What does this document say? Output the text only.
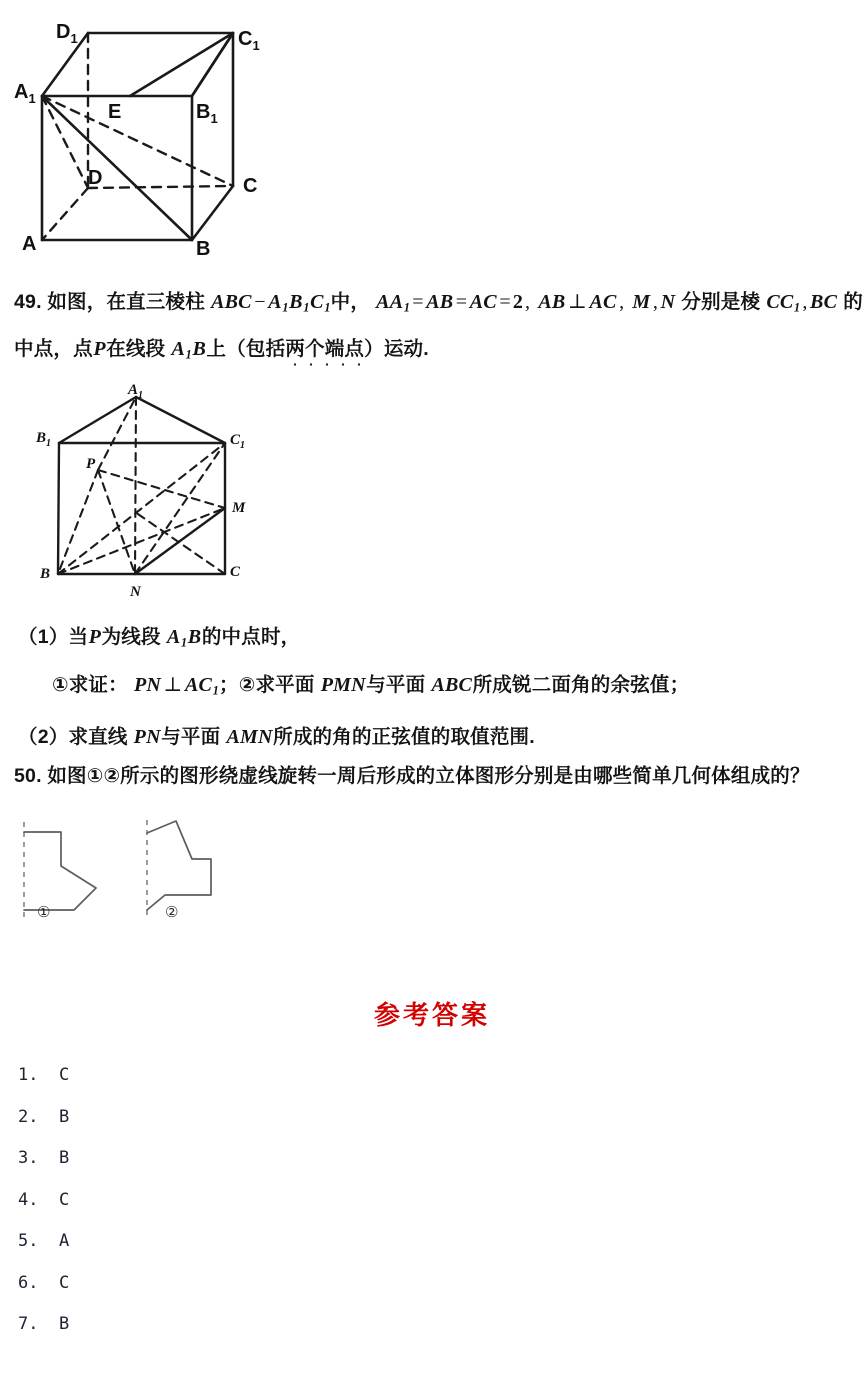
A	B
C
D
E
$A_1$
$B_1$
$C_1$
$D_1$
49. 如图，在直三棱柱 ABC − $A_1B_1C_1$中， $AA_1$ = AB = AC = 2 , AB ⊥ AC , M , N 分别是棱 $CC_1$ , BC 的
中点，点P在线段 $A_1B$上（包括两个端点）运动.
$A_1$
$B_1$	$C_1$
B	C
M
N
P
（1）当P为线段 $A_1B$的中点时，
①求证： PN ⊥ $AC_1$；②求平面 PMN与平面 ABC所成锐二面角的余弦值；
（2）求直线 PN与平面 AMN所成的角的正弦值的取值范围.
50. 如图①②所示的图形绕虚线旋转一周后形成的立体图形分别是由哪些简单几何体组成的？
①	②
参考答案
1. C
2. B
3. B
4. C
5. A
6. C
7. B
